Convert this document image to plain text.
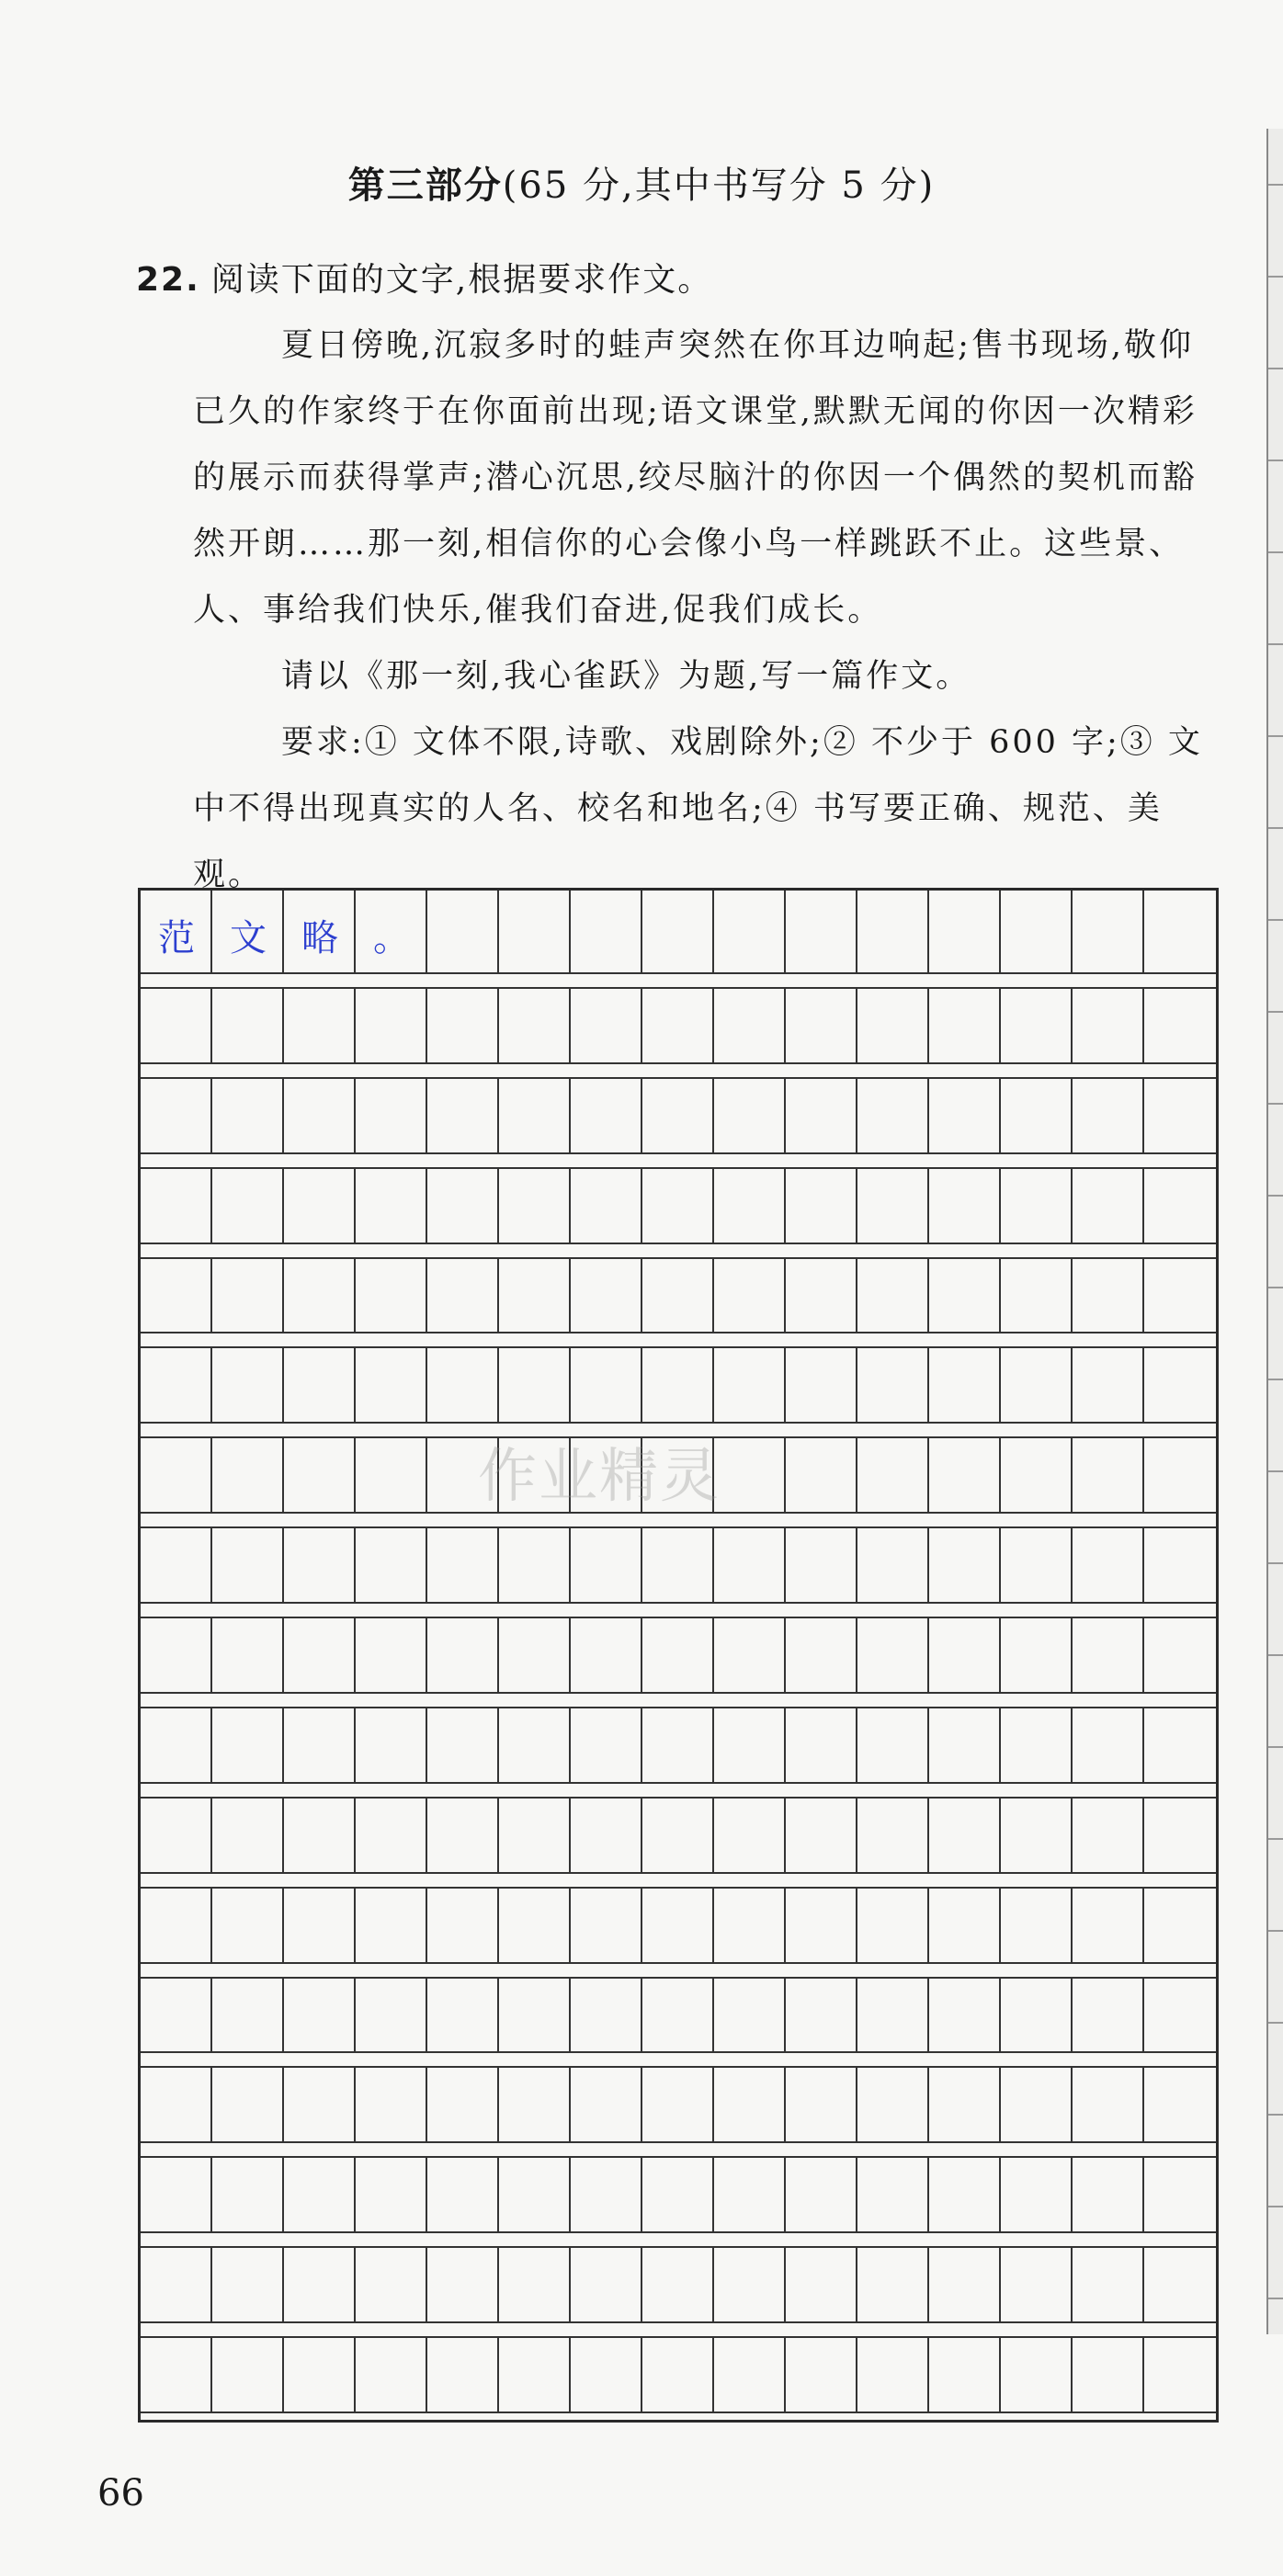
第三部分(65 分,其中书写分 5 分)
22. 阅读下面的文字,根据要求作文。
夏日傍晚,沉寂多时的蛙声突然在你耳边响起;售书现场,敬仰已久的作家终于在你面前出现;语文课堂,默默无闻的你因一次精彩的展示而获得掌声;潜心沉思,绞尽脑汁的你因一个偶然的契机而豁然开朗……那一刻,相信你的心会像小鸟一样跳跃不止。这些景、人、事给我们快乐,催我们奋进,促我们成长。
请以《那一刻,我心雀跃》为题,写一篇作文。
要求:① 文体不限,诗歌、戏剧除外;② 不少于 600 字;③ 文中不得出现真实的人名、校名和地名;④ 书写要正确、规范、美观。
范 文 略 。
作业精灵
66
